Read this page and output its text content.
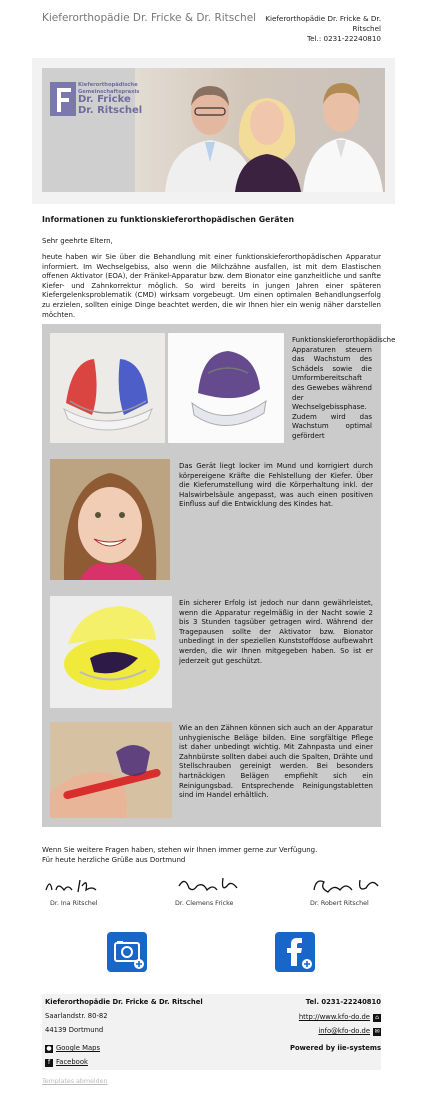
Kieferorthopädie Dr. Fricke & Dr. Ritschel	Kieferorthopädie Dr. Fricke & Dr. Ritschel
Tel.: 0231-22240810
Kieferorthopädische
Gemeinschaftspraxis
Dr. Fricke
Dr. Ritschel
Informationen zu funktionskieferorthopädischen Geräten
Sehr geehrte Eltern,
heute haben wir Sie über die Behandlung mit einer funktionskieferorthopädischen Apparatur informiert. Im Wechselgebiss, also wenn die Milchzähne ausfallen, ist mit dem Elastischen offenen Aktivator (EOA), der Fränkel-Apparatur bzw. dem Bionator eine ganzheitliche und sanfte Kiefer- und Zahnkorrektur möglich. So wird bereits in jungen Jahren einer späteren Kiefergelenksproblematik (CMD) wirksam vorgebeugt. Um einen optimalen Behandlungserfolg zu erzielen, sollten einige Dinge beachtet werden, die wir Ihnen hier ein wenig näher darstellen möchten.
Funktionskieferorthopädische Apparaturen steuern das Wachstum des Schädels sowie die Umformbereitschaft des Gewebes während der Wechselgebissphase. Zudem wird das Wachstum optimal gefördert
Das Gerät liegt locker im Mund und korrigiert durch körpereigene Kräfte die Fehlstellung der Kiefer. Über die Kieferumstellung wird die Körperhaltung inkl. der Halswirbelsäule angepasst, was auch einen positiven Einfluss auf die Entwicklung des Kindes hat.
Ein sicherer Erfolg ist jedoch nur dann gewährleistet, wenn die Apparatur regelmäßig in der Nacht sowie 2 bis 3 Stunden tagsüber getragen wird. Während der Tragepausen sollte der Aktivator bzw. Bionator unbedingt in der speziellen Kunststoffdose aufbewahrt werden, die wir Ihnen mitgegeben haben. So ist er jederzeit gut geschützt.
Wie an den Zähnen können sich auch an der Apparatur unhygienische Beläge bilden. Eine sorgfältige Pflege ist daher unbedingt wichtig. Mit Zahnpasta und einer Zahnbürste sollten dabei auch die Spalten, Drähte und Stellschrauben gereinigt werden. Bei besonders hartnäckigen Belägen empfiehlt sich ein Reinigungsbad. Entsprechende Reinigungstabletten sind im Handel erhältlich.
Wenn Sie weitere Fragen haben, stehen wir Ihnen immer gerne zur Verfügung.
Für heute herzliche Grüße aus Dortmund
Dr. Ina Ritschel	Dr. Clemens Fricke	Dr. Robert Ritschel
Kieferorthopädie Dr. Fricke & Dr. Ritschel
Saarlandstr. 80-82
44139 Dortmund
Tel. 0231-22240810
http://www.kfo-do.de ⌂
info@kfo-do.de ✉
● Google Maps
f Facebook
Powered by iie-systems
Templates abmelden
